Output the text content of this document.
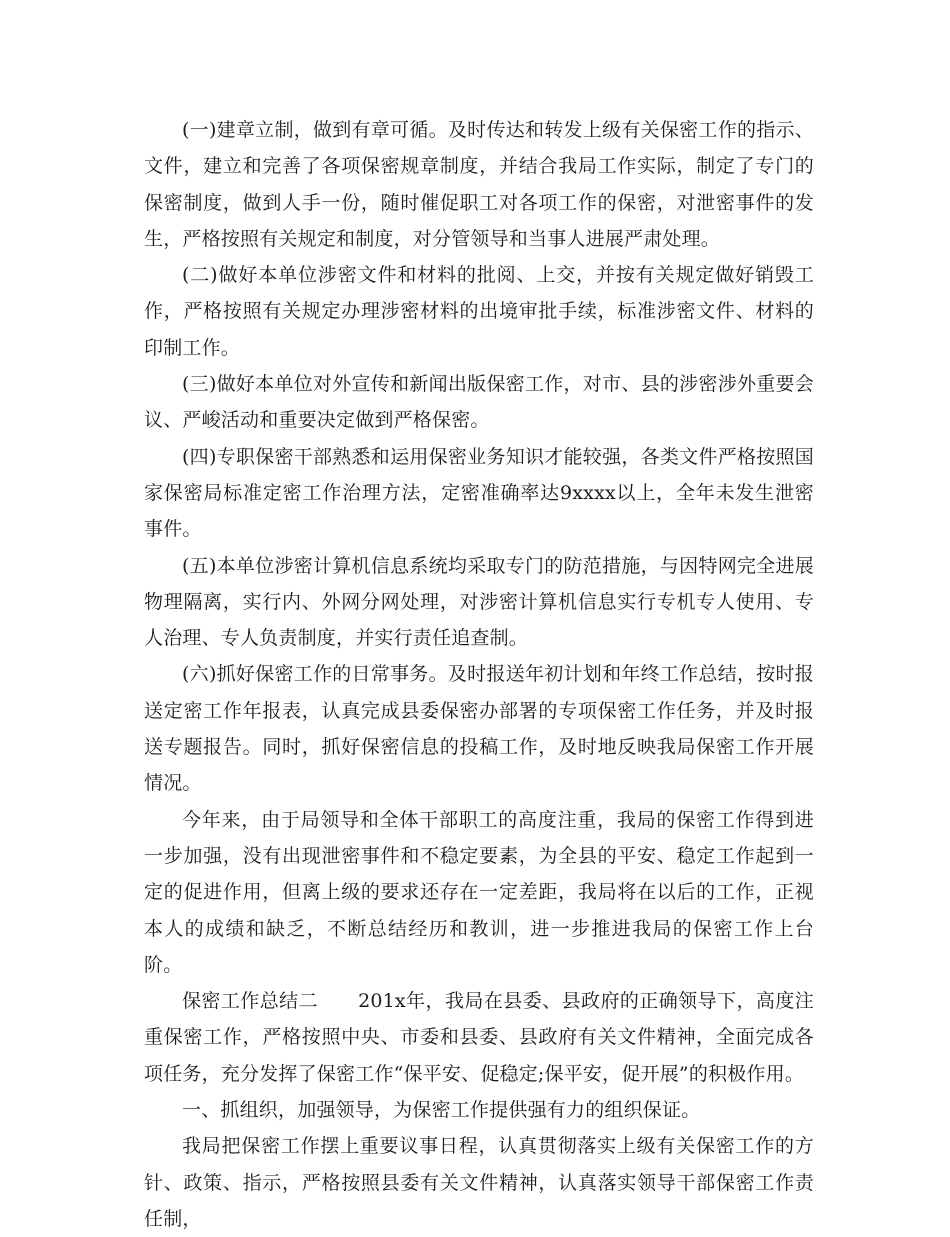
(一)建章立制，做到有章可循。及时传达和转发上级有关保密工作的指示、文件，建立和完善了各项保密规章制度，并结合我局工作实际，制定了专门的保密制度，做到人手一份，随时催促职工对各项工作的保密，对泄密事件的发生，严格按照有关规定和制度，对分管领导和当事人进展严肃处理。

(二)做好本单位涉密文件和材料的批阅、上交，并按有关规定做好销毁工作，严格按照有关规定办理涉密材料的出境审批手续，标准涉密文件、材料的印制工作。

(三)做好本单位对外宣传和新闻出版保密工作，对市、县的涉密涉外重要会议、严峻活动和重要决定做到严格保密。

(四)专职保密干部熟悉和运用保密业务知识才能较强，各类文件严格按照国家保密局标准定密工作治理方法，定密准确率达9xxxx以上，全年未发生泄密事件。

(五)本单位涉密计算机信息系统均采取专门的防范措施，与因特网完全进展物理隔离，实行内、外网分网处理，对涉密计算机信息实行专机专人使用、专人治理、专人负责制度，并实行责任追查制。

(六)抓好保密工作的日常事务。及时报送年初计划和年终工作总结，按时报送定密工作年报表，认真完成县委保密办部署的专项保密工作任务，并及时报送专题报告。同时，抓好保密信息的投稿工作，及时地反映我局保密工作开展情况。

今年来，由于局领导和全体干部职工的高度注重，我局的保密工作得到进一步加强，没有出现泄密事件和不稳定要素，为全县的平安、稳定工作起到一定的促进作用，但离上级的要求还存在一定差距，我局将在以后的工作，正视本人的成绩和缺乏，不断总结经历和教训，进一步推进我局的保密工作上台阶。

保密工作总结二 201x年，我局在县委、县政府的正确领导下，高度注重保密工作，严格按照中央、市委和县委、县政府有关文件精神，全面完成各项任务，充分发挥了保密工作“保平安、促稳定;保平安，促开展”的积极作用。

一、抓组织，加强领导，为保密工作提供强有力的组织保证。

我局把保密工作摆上重要议事日程，认真贯彻落实上级有关保密工作的方针、政策、指示，严格按照县委有关文件精神，认真落实领导干部保密工作责任制，
